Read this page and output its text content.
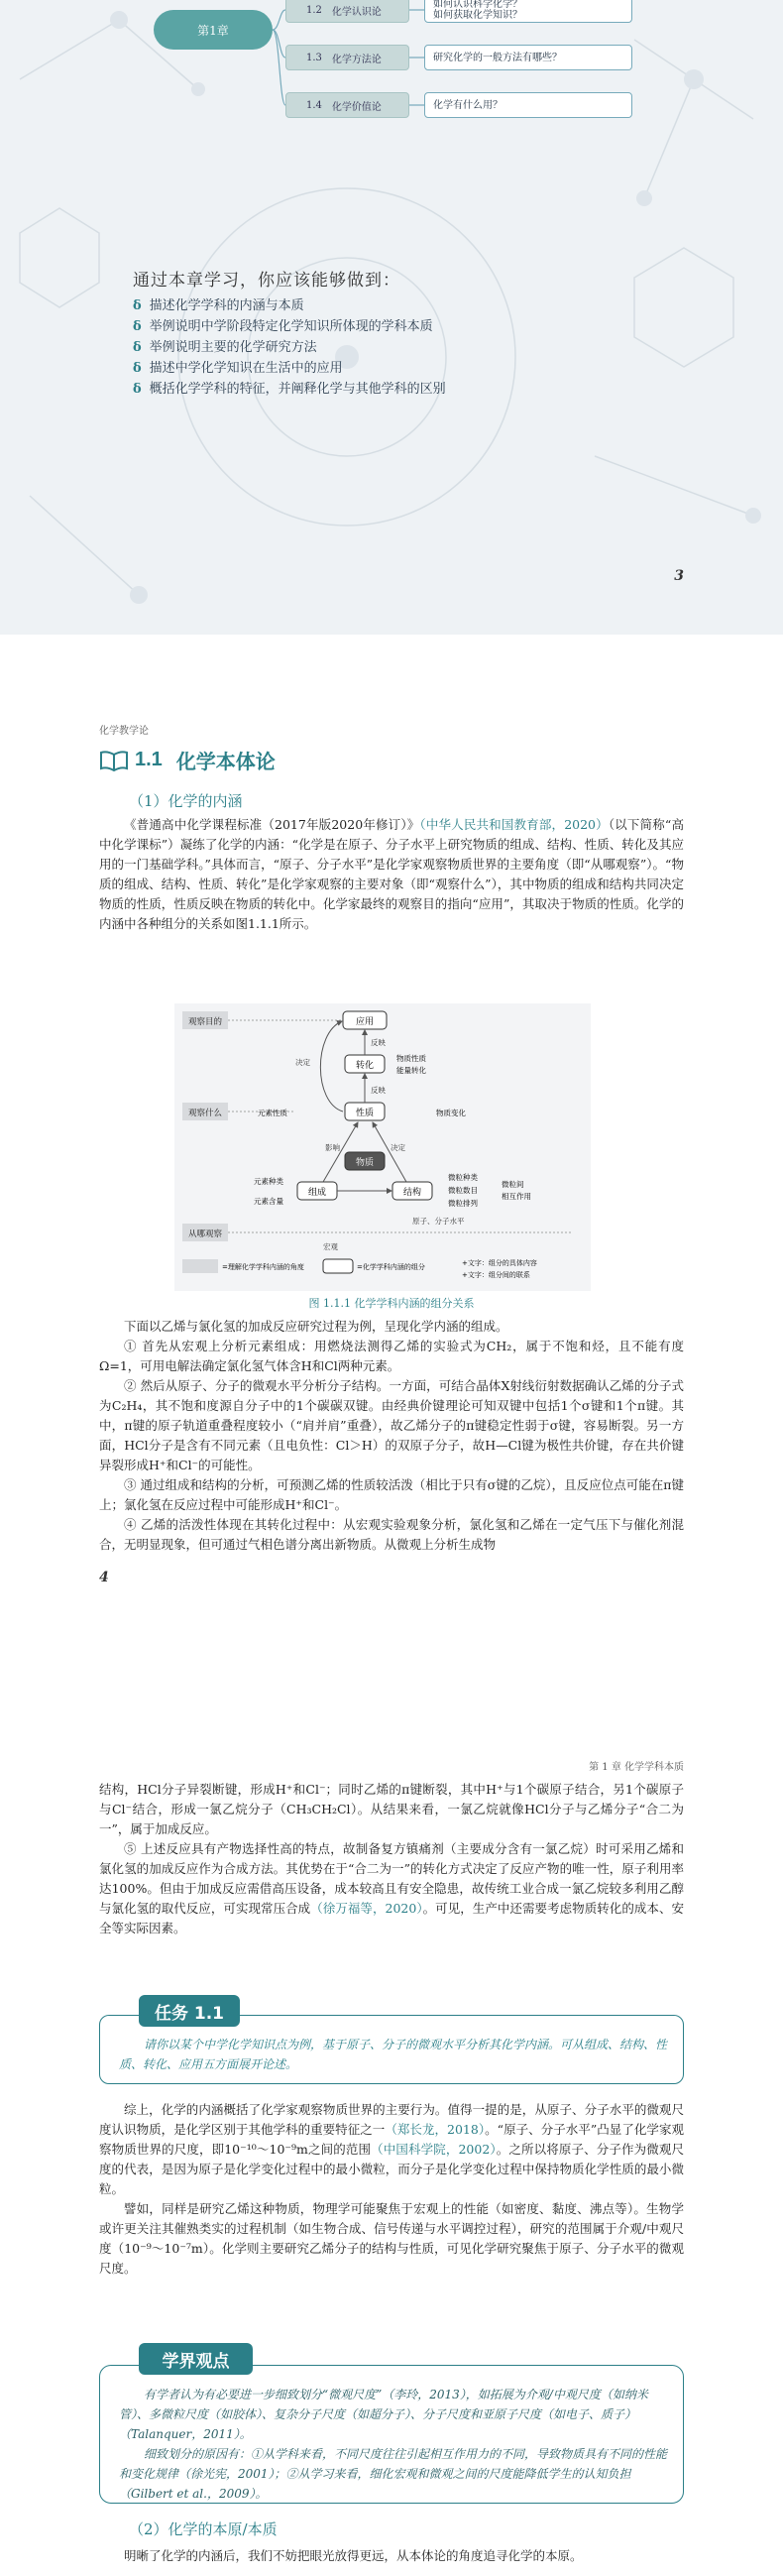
第1章
1.2 化学认识论
如何认识科学化学？
如何获取化学知识？
1.3 化学方法论	研究化学的一般方法有哪些？
1.4 化学价值论	化学有什么用？
通过本章学习，你应该能够做到：
δ 描述化学学科的内涵与本质
δ 举例说明中学阶段特定化学知识所体现的学科本质
δ 举例说明主要的化学研究方法
δ 描述中学化学知识在生活中的应用
δ 概括化学学科的特征，并阐释化学与其他学科的区别
3
化学教学论
1.1 化学本体论
（1）化学的内涵
《普通高中化学课程标准（2017年版2020年修订）》（中华人民共和国教育部，2020）（以下简称“高中化学课标”）凝练了化学的内涵：“化学是在原子、分子水平上研究物质的组成、结构、性质、转化及其应用的一门基础学科。”具体而言，“原子、分子水平”是化学家观察物质世界的主要角度（即“从哪观察”）。“物质的组成、结构、性质、转化”是化学家观察的主要对象（即“观察什么”），其中物质的组成和结构共同决定物质的性质，性质反映在物质的转化中。化学家最终的观察目的指向“应用”，其取决于物质的性质。化学的内涵中各种组分的关系如图1.1.1所示。
观察目的
观察什么
从哪观察
应用
转化
性质
物质
组成	结构
反映
反映
决定
影响	决定
宏观
原子、分子水平
物质性质
能量转化
物质变化
元素性质
元素种类
元素含量
微粒种类
微粒数目
微粒排列
微粒间
相互作用
=理解化学学科内涵的角度	=化学学科内涵的组分	+文字：组分的具体内容
+文字：组分间的联系
图 1.1.1 化学学科内涵的组分关系
下面以乙烯与氯化氢的加成反应研究过程为例，呈现化学内涵的组成。
① 首先从宏观上分析元素组成：用燃烧法测得乙烯的实验式为CH₂，属于不饱和烃，且不能有度Ω=1，可用电解法确定氯化氢气体含H和Cl两种元素。
② 然后从原子、分子的微观水平分析分子结构。一方面，可结合晶体X射线衍射数据确认乙烯的分子式为C₂H₄，其不饱和度源自分子中的1个碳碳双键。由经典价键理论可知双键中包括1个σ键和1个π键。其中，π键的原子轨道重叠程度较小（“肩并肩”重叠），故乙烯分子的π键稳定性弱于σ键，容易断裂。另一方面，HCl分子是含有不同元素（且电负性：Cl＞H）的双原子分子，故H—Cl键为极性共价键，存在共价键异裂形成H⁺和Cl⁻的可能性。
③ 通过组成和结构的分析，可预测乙烯的性质较活泼（相比于只有σ键的乙烷），且反应位点可能在π键上；氯化氢在反应过程中可能形成H⁺和Cl⁻。
④ 乙烯的活泼性体现在其转化过程中：从宏观实验观象分析，氯化氢和乙烯在一定气压下与催化剂混合，无明显现象，但可通过气相色谱分离出新物质。从微观上分析生成物
4
第 1 章 化学学科本质
结构，HCl分子异裂断键，形成H⁺和Cl⁻；同时乙烯的π键断裂，其中H⁺与1个碳原子结合，另1个碳原子与Cl⁻结合，形成一氯乙烷分子（CH₃CH₂Cl）。从结果来看，一氯乙烷就像HCl分子与乙烯分子“合二为一”，属于加成反应。
⑤ 上述反应具有产物选择性高的特点，故制备复方镇痛剂（主要成分含有一氯乙烷）时可采用乙烯和氯化氢的加成反应作为合成方法。其优势在于“合二为一”的转化方式决定了反应产物的唯一性，原子利用率达100%。但由于加成反应需借高压设备，成本较高且有安全隐患，故传统工业合成一氯乙烷较多利用乙醇与氯化氢的取代反应，可实现常压合成（徐万福等，2020）。可见，生产中还需要考虑物质转化的成本、安全等实际因素。
任务 1.1
请你以某个中学化学知识点为例，基于原子、分子的微观水平分析其化学内涵。可从组成、结构、性质、转化、应用五方面展开论述。
综上，化学的内涵概括了化学家观察物质世界的主要行为。值得一提的是，从原子、分子水平的微观尺度认识物质，是化学区别于其他学科的重要特征之一（郑长龙，2018）。“原子、分子水平”凸显了化学家观察物质世界的尺度，即10⁻¹⁰～10⁻⁹m之间的范围（中国科学院，2002）。之所以将原子、分子作为微观尺度的代表，是因为原子是化学变化过程中的最小微粒，而分子是化学变化过程中保持物质化学性质的最小微粒。
譬如，同样是研究乙烯这种物质，物理学可能聚焦于宏观上的性能（如密度、黏度、沸点等）。生物学或许更关注其催熟类实的过程机制（如生物合成、信号传递与水平调控过程），研究的范围属于介观/中观尺度（10⁻⁹～10⁻⁷m）。化学则主要研究乙烯分子的结构与性质，可见化学研究聚焦于原子、分子水平的微观尺度。
学界观点
有学者认为有必要进一步细致划分“微观尺度”（李玲，2013），如拓展为介观/中观尺度（如纳米管）、多微粒尺度（如胶体）、复杂分子尺度（如超分子）、分子尺度和亚原子尺度（如电子、质子）（Talanquer，2011）。
细致划分的原因有：①从学科来看，不同尺度往往引起相互作用力的不同，导致物质具有不同的性能和变化规律（徐光宪，2001）；②从学习来看，细化宏观和微观之间的尺度能降低学生的认知负担（Gilbert et al.，2009）。
（2）化学的本原/本质
明晰了化学的内涵后，我们不妨把眼光放得更远，从本体论的角度追寻化学的本原。
